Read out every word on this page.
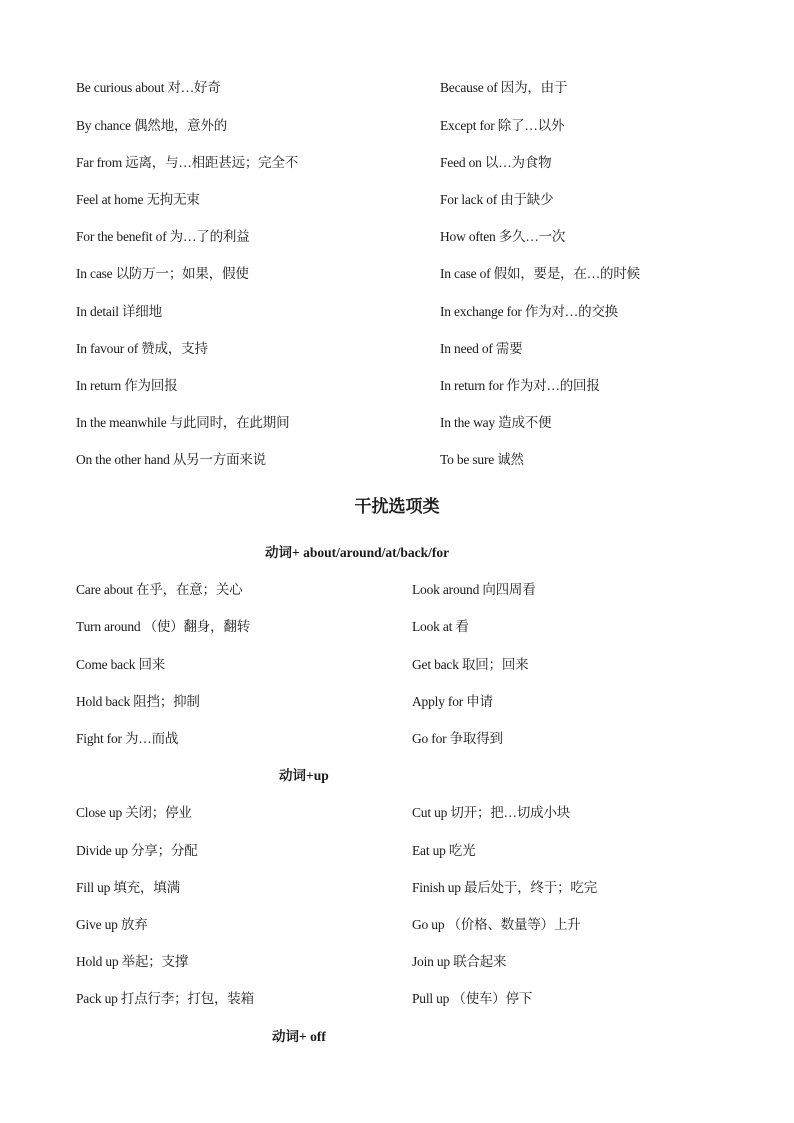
Be curious about 对…好奇	Because of 因为，由于
By chance 偶然地，意外的	Except for 除了…以外
Far from 远离，与…相距甚远；完全不	Feed on 以…为食物
Feel at home 无拘无束	For lack of 由于缺少
For the benefit of 为…了的利益	How often 多久…一次
In case 以防万一；如果，假使	In case of 假如，要是，在…的时候
In detail 详细地	In exchange for 作为对…的交换
In favour of 赞成，支持	In need of 需要
In return 作为回报	In return for 作为对…的回报
In the meanwhile 与此同时，在此期间	In the way 造成不便
On the other hand 从另一方面来说	To be sure 诚然
干扰选项类
动词+ about/around/at/back/for
Care about 在乎，在意；关心	Look around 向四周看
Turn around （使）翻身，翻转	Look at 看
Come back 回来	Get back 取回；回来
Hold back 阻挡；抑制	Apply for 申请
Fight for 为…而战	Go for 争取得到
动词+up
Close up 关闭；停业	Cut up 切开；把…切成小块
Divide up 分享；分配	Eat up 吃光
Fill up 填充，填满	Finish up 最后处于，终于；吃完
Give up 放弃	Go up （价格、数量等）上升
Hold up 举起；支撑	Join up 联合起来
Pack up 打点行李；打包，装箱	Pull up （使车）停下
动词+ off
